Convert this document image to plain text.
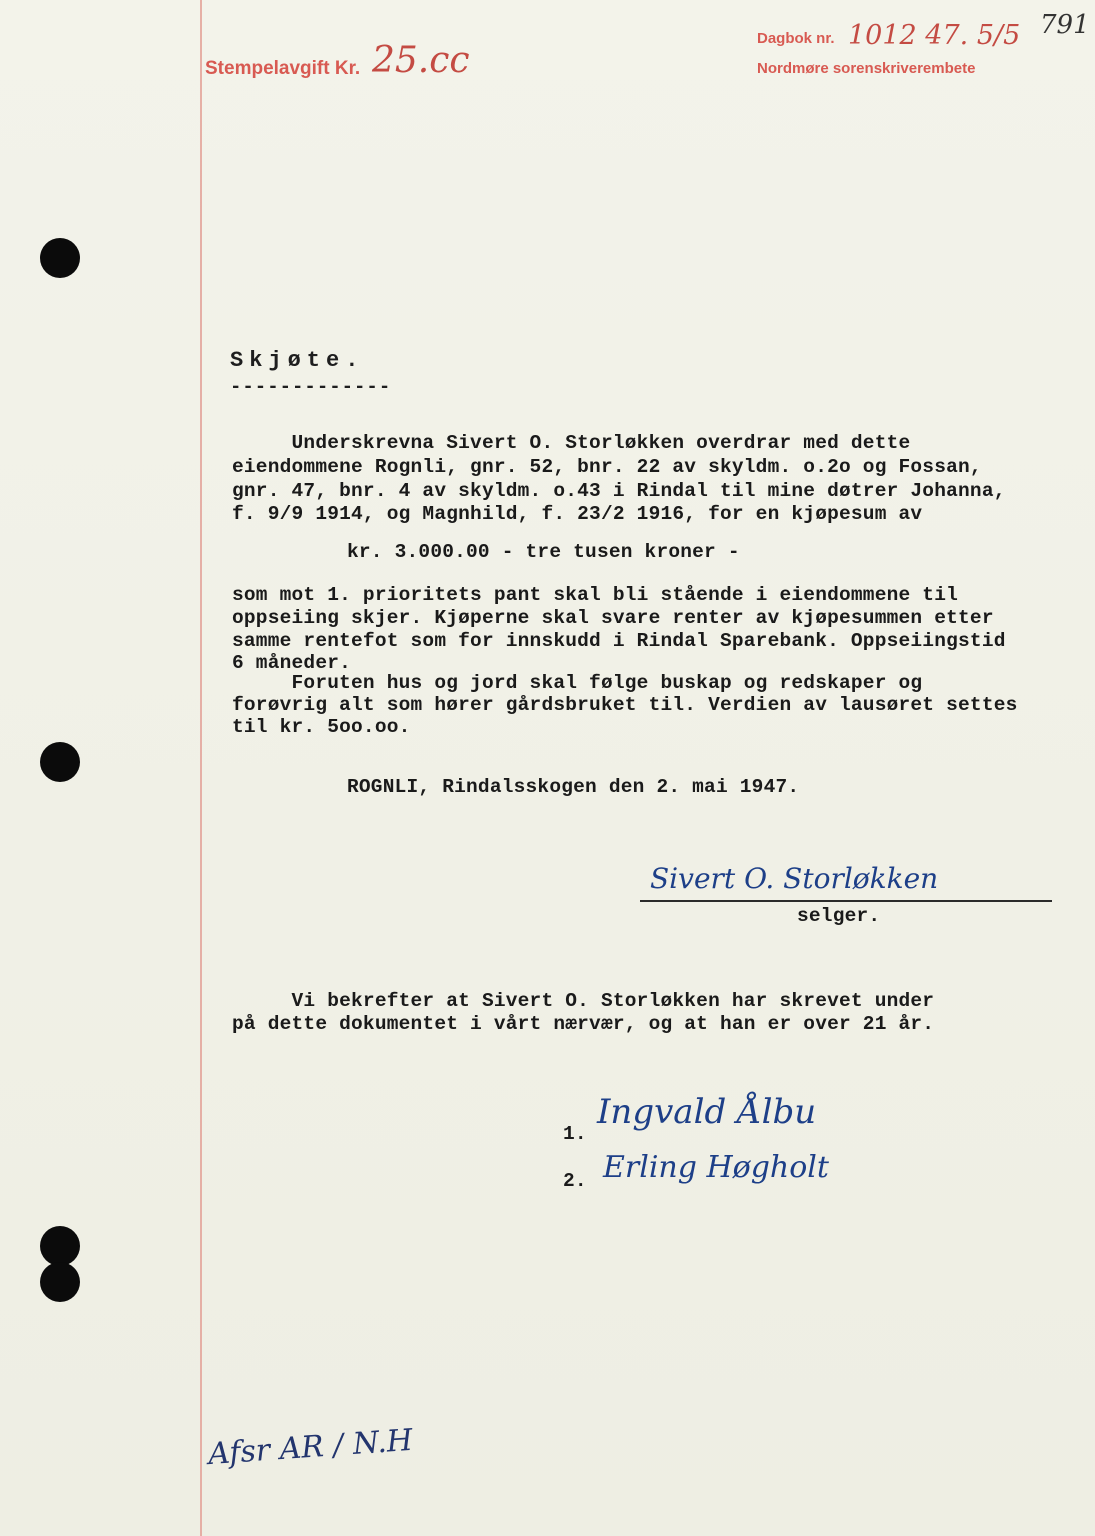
Stempelavgift Kr. 25.cc
Dagbok nr. 1012 47. 5/5
Nordmøre sorenskriverembete
791
Skjøte.
-------------
Underskrevna Sivert O. Storløkken overdrar med dette
eiendommene Rognli, gnr. 52, bnr. 22 av skyldm. o.2o og Fossan,
gnr. 47, bnr. 4 av skyldm. o.43 i Rindal til mine døtrer Johanna,
f. 9/9 1914, og Magnhild, f. 23/2 1916, for en kjøpesum av
kr. 3.000.00 - tre tusen kroner -
som mot 1. prioritets pant skal bli stående i eiendommene til
oppseiing skjer. Kjøperne skal svare renter av kjøpesummen etter
samme rentefot som for innskudd i Rindal Sparebank. Oppseiingstid
6 måneder.
Foruten hus og jord skal følge buskap og redskaper og
forøvrig alt som hører gårdsbruket til. Verdien av lausøret settes
til kr. 5oo.oo.
ROGNLI, Rindalsskogen den 2. mai 1947.
Sivert O. Storløkken
selger.
Vi bekrefter at Sivert O. Storløkken har skrevet under
på dette dokumentet i vårt nærvær, og at han er over 21 år.
1.
Ingvald Ålbu
2. Erling Høgholt
Afsr AR / N.H
